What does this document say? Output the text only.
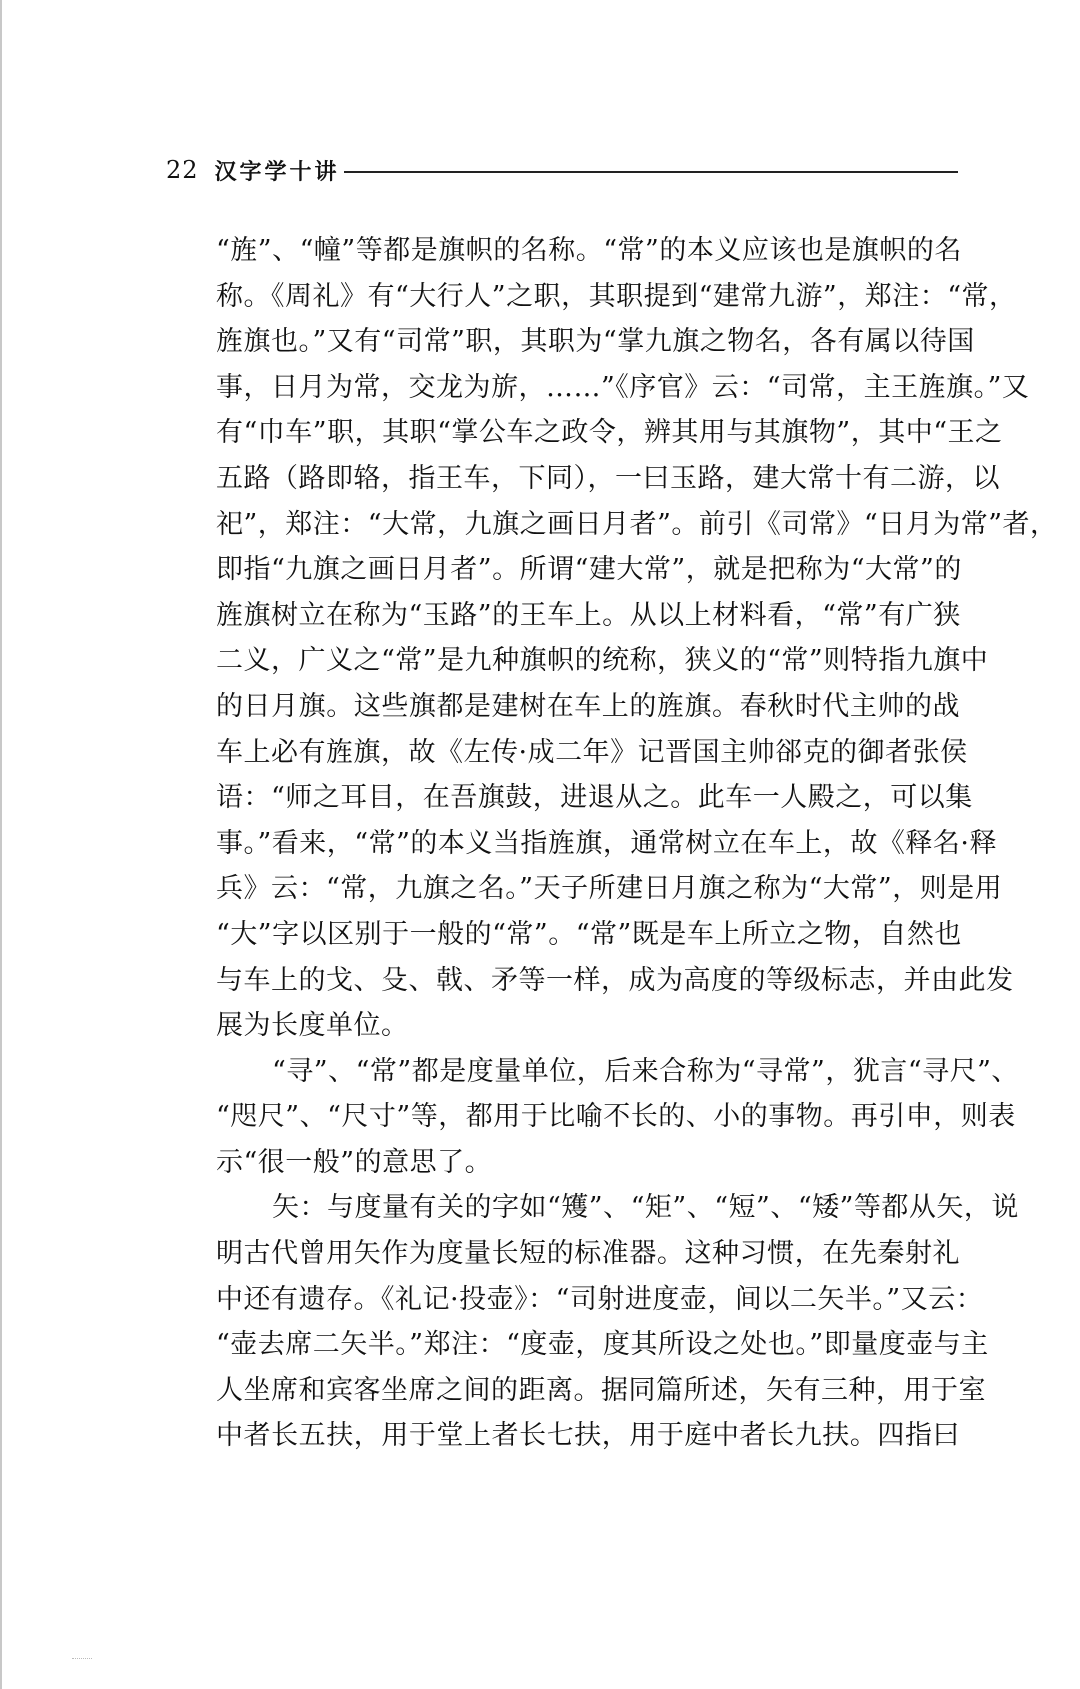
22 汉字学十讲
“旌”、“幢”等都是旗帜的名称。“常”的本义应该也是旗帜的名
称。《周礼》有“大行人”之职，其职提到“建常九游”，郑注：“常，
旌旗也。”又有“司常”职，其职为“掌九旗之物名，各有属以待国
事，日月为常，交龙为旂，……”《序官》云：“司常，主王旌旗。”又
有“巾车”职，其职“掌公车之政令，辨其用与其旗物”，其中“王之
五路（路即辂，指王车，下同），一曰玉路，建大常十有二游，以
祀”，郑注：“大常，九旗之画日月者”。前引《司常》“日月为常”者，
即指“九旗之画日月者”。所谓“建大常”，就是把称为“大常”的
旌旗树立在称为“玉路”的王车上。从以上材料看，“常”有广狭
二义，广义之“常”是九种旗帜的统称，狭义的“常”则特指九旗中
的日月旗。这些旗都是建树在车上的旌旗。春秋时代主帅的战
车上必有旌旗，故《左传·成二年》记晋国主帅郤克的御者张侯
语：“师之耳目，在吾旗鼓，进退从之。此车一人殿之，可以集
事。”看来，“常”的本义当指旌旗，通常树立在车上，故《释名·释
兵》云：“常，九旗之名。”天子所建日月旗之称为“大常”，则是用
“大”字以区别于一般的“常”。“常”既是车上所立之物，自然也
与车上的戈、殳、戟、矛等一样，成为高度的等级标志，并由此发
展为长度单位。
“寻”、“常”都是度量单位，后来合称为“寻常”，犹言“寻尺”、
“咫尺”、“尺寸”等，都用于比喻不长的、小的事物。再引申，则表
示“很一般”的意思了。
矢：与度量有关的字如“矱”、“矩”、“短”、“矮”等都从矢，说
明古代曾用矢作为度量长短的标准器。这种习惯，在先秦射礼
中还有遗存。《礼记·投壶》：“司射进度壶，间以二矢半。”又云：
“壶去席二矢半。”郑注：“度壶，度其所设之处也。”即量度壶与主
人坐席和宾客坐席之间的距离。据同篇所述，矢有三种，用于室
中者长五扶，用于堂上者长七扶，用于庭中者长九扶。四指曰
